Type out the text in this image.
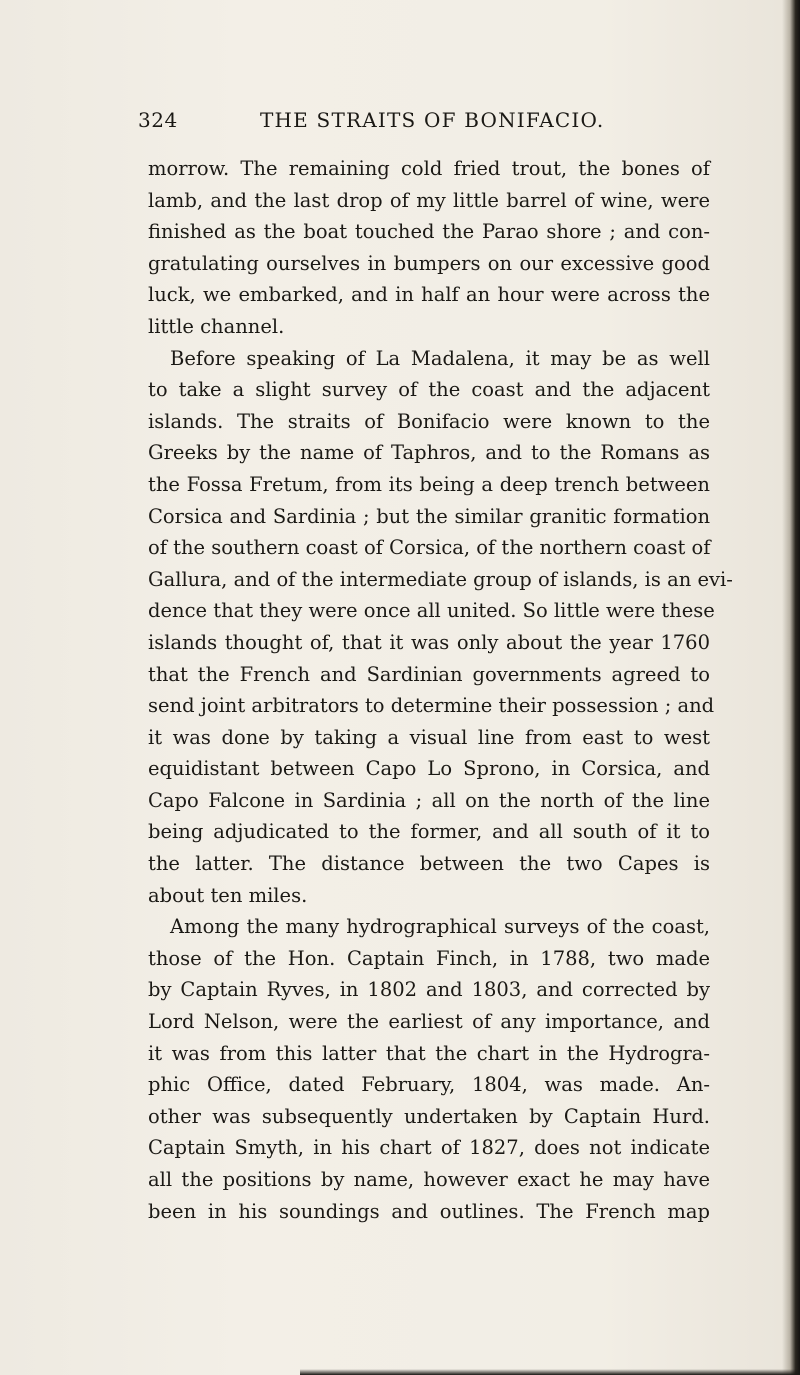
324	THE STRAITS OF BONIFACIO.
morrow. The remaining cold fried trout, the bones of
lamb, and the last drop of my little barrel of wine, were
finished as the boat touched the Parao shore ; and con-
gratulating ourselves in bumpers on our excessive good
luck, we embarked, and in half an hour were across the
little channel.
Before speaking of La Madalena, it may be as well
to take a slight survey of the coast and the adjacent
islands. The straits of Bonifacio were known to the
Greeks by the name of Taphros, and to the Romans as
the Fossa Fretum, from its being a deep trench between
Corsica and Sardinia ; but the similar granitic formation
of the southern coast of Corsica, of the northern coast of
Gallura, and of the intermediate group of islands, is an evi-
dence that they were once all united. So little were these
islands thought of, that it was only about the year 1760
that the French and Sardinian governments agreed to
send joint arbitrators to determine their possession ; and
it was done by taking a visual line from east to west
equidistant between Capo Lo Sprono, in Corsica, and
Capo Falcone in Sardinia ; all on the north of the line
being adjudicated to the former, and all south of it to
the latter. The distance between the two Capes is
about ten miles.
Among the many hydrographical surveys of the coast,
those of the Hon. Captain Finch, in 1788, two made
by Captain Ryves, in 1802 and 1803, and corrected by
Lord Nelson, were the earliest of any importance, and
it was from this latter that the chart in the Hydrogra-
phic Office, dated February, 1804, was made. An-
other was subsequently undertaken by Captain Hurd.
Captain Smyth, in his chart of 1827, does not indicate
all the positions by name, however exact he may have
been in his soundings and outlines. The French map
